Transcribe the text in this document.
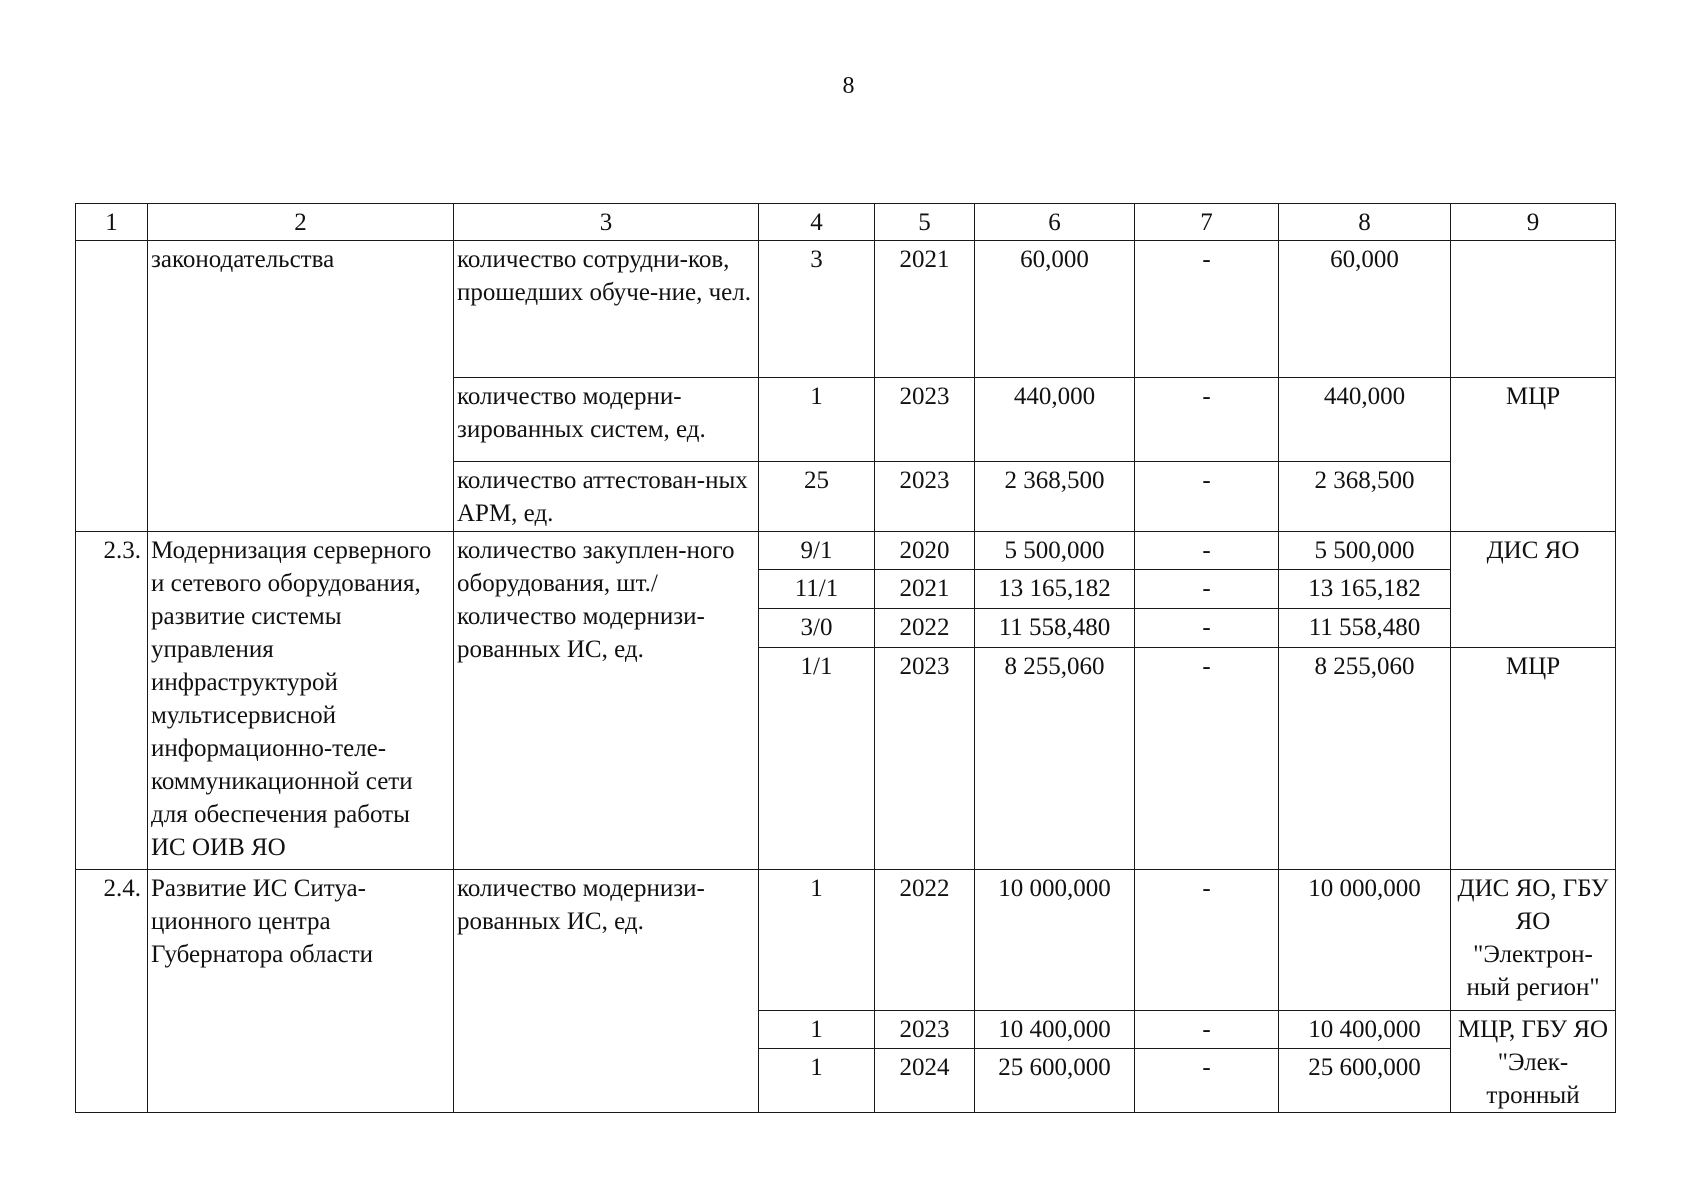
8
1	2	3	4	5	6	7	8	9
	законодательства	количество сотрудни-ков, прошедших обуче-ние, чел.	3	2021	60,000	-	60,000	
		количество модерни-зированных систем, ед.	1	2023	440,000	-	440,000	МЦР
		количество аттестован-ных АРМ, ед.	25	2023	2 368,500	-	2 368,500	
2.3.	Модернизация серверного и сетевого оборудования, развитие системы управления инфраструктурой мультисервисной информационно-теле-коммуникационной сети для обеспечения работы ИС ОИВ ЯО	количество закуплен-ного оборудования, шт./ количество модернизи-рованных ИС, ед.	9/1	2020	5 500,000	-	5 500,000	ДИС ЯО
			11/1	2021	13 165,182	-	13 165,182	
			3/0	2022	11 558,480	-	11 558,480	
			1/1	2023	8 255,060	-	8 255,060	МЦР
2.4.	Развитие ИС Ситуа-ционного центра Губернатора области	количество модернизи-рованных ИС, ед.	1	2022	10 000,000	-	10 000,000	ДИС ЯО, ГБУ ЯО "Электрон-ный регион"
			1	2023	10 400,000	-	10 400,000	МЦР, ГБУ ЯО "Элек-тронный
			1	2024	25 600,000	-	25 600,000	
